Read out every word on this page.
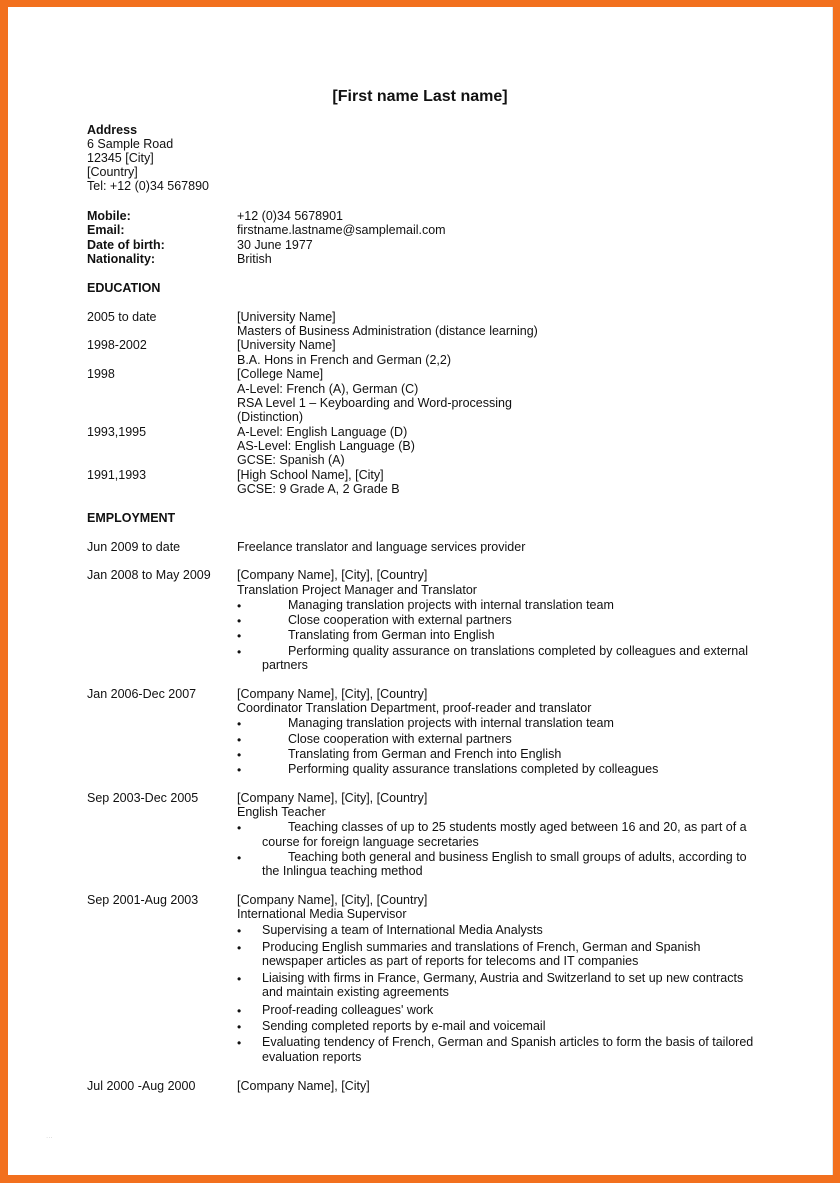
[First name Last name]
Address
6 Sample Road
12345 [City]
[Country]
Tel: +12 (0)34 567890
Mobile:	+12 (0)34 5678901
Email:	firstname.lastname@samplemail.com
Date of birth:	30 June 1977
Nationality:	British
EDUCATION
2005 to date	[University Name]
Masters of Business Administration (distance learning)
1998-2002	[University Name]
B.A. Hons in French and German (2,2)
1998	[College Name]
A-Level: French (A), German (C)
RSA Level 1 – Keyboarding and Word-processing
(Distinction)
1993,1995	A-Level: English Language (D)
AS-Level: English Language (B)
GCSE: Spanish (A)
1991,1993	[High School Name], [City]
GCSE: 9 Grade A, 2 Grade B
EMPLOYMENT
Jun 2009 to date	Freelance translator and language services provider
Jan 2008 to May 2009 [Company Name], [City], [Country]
Translation Project Manager and Translator
•	Managing translation projects with internal translation team
•	Close cooperation with external partners
•	Translating from German into English
•	Performing quality assurance on translations completed by colleagues and external
partners
Jan 2006-Dec 2007	[Company Name], [City], [Country]
Coordinator Translation Department, proof-reader and translator
•	Managing translation projects with internal translation team
•	Close cooperation with external partners
•	Translating from German and French into English
•	Performing quality assurance translations completed by colleagues
Sep 2003-Dec 2005	[Company Name], [City], [Country]
English Teacher
•	Teaching classes of up to 25 students mostly aged between 16 and 20, as part of a
course for foreign language secretaries
•	Teaching both general and business English to small groups of adults, according to
the Inlingua teaching method
Sep 2001-Aug 2003	[Company Name], [City], [Country]
International Media Supervisor
• Supervising a team of International Media Analysts
• Producing English summaries and translations of French, German and Spanish
newspaper articles as part of reports for telecoms and IT companies
• Liaising with firms in France, Germany, Austria and Switzerland to set up new contracts
and maintain existing agreements
• Proof-reading colleagues' work
• Sending completed reports by e-mail and voicemail
• Evaluating tendency of French, German and Spanish articles to form the basis of tailored
evaluation reports
Jul 2000 -Aug 2000	[Company Name], [City]
...
